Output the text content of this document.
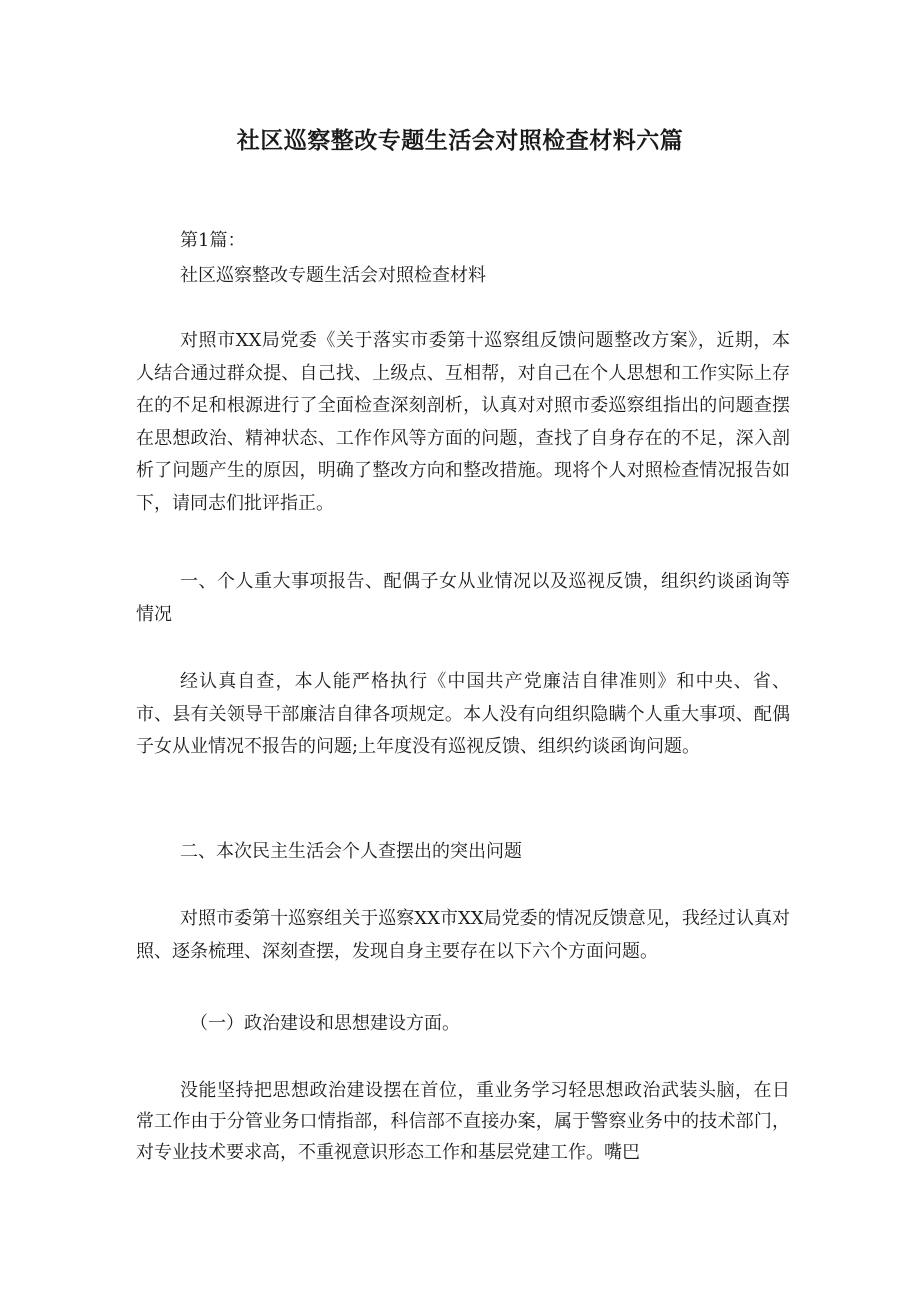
社区巡察整改专题生活会对照检查材料六篇

第1篇：

社区巡察整改专题生活会对照检查材料

对照市XX局党委《关于落实市委第十巡察组反馈问题整改方案》，近期，本人结合通过群众提、自己找、上级点、互相帮，对自己在个人思想和工作实际上存在的不足和根源进行了全面检查深刻剖析，认真对对照市委巡察组指出的问题查摆在思想政治、精神状态、工作作风等方面的问题，查找了自身存在的不足，深入剖析了问题产生的原因，明确了整改方向和整改措施。现将个人对照检查情况报告如下，请同志们批评指正。

一、个人重大事项报告、配偶子女从业情况以及巡视反馈，组织约谈函询等情况

经认真自查，本人能严格执行《中国共产党廉洁自律准则》和中央、省、市、县有关领导干部廉洁自律各项规定。本人没有向组织隐瞒个人重大事项、配偶子女从业情况不报告的问题;上年度没有巡视反馈、组织约谈函询问题。

二、本次民主生活会个人查摆出的突出问题

对照市委第十巡察组关于巡察XX市XX局党委的情况反馈意见，我经过认真对照、逐条梳理、深刻查摆，发现自身主要存在以下六个方面问题。

（一）政治建设和思想建设方面。

没能坚持把思想政治建设摆在首位，重业务学习轻思想政治武装头脑，在日常工作由于分管业务口情指部，科信部不直接办案，属于警察业务中的技术部门，对专业技术要求高，不重视意识形态工作和基层党建工作。嘴巴
